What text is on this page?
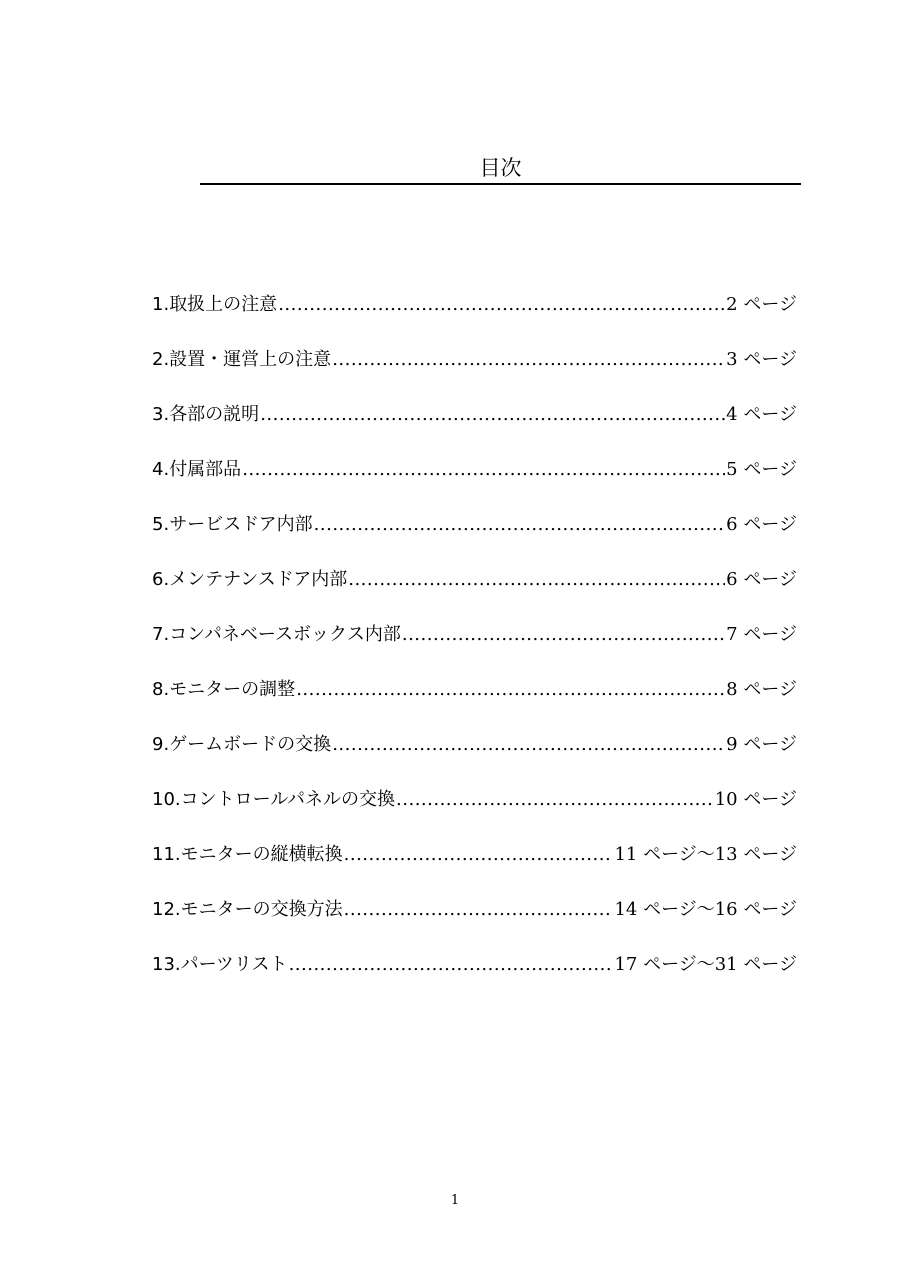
目次
1. 取扱上の注意 .....	2 ページ
2. 設置・運営上の注意 .....	3 ページ
3. 各部の説明 .....	4 ページ
4. 付属部品 .....	5 ページ
5. サービスドア内部 .....	6 ページ
6. メンテナンスドア内部 .....	6 ページ
7. コンパネベースボックス内部 .....	7 ページ
8. モニターの調整 .....	8 ページ
9. ゲームボードの交換 .....	9 ページ
10. コントロールパネルの交換 .....	10 ページ
11. モニターの縦横転換 .....	11 ページ～13 ページ
12. モニターの交換方法 .....	14 ページ～16 ページ
13. パーツリスト .....	17 ページ～31 ページ
1
